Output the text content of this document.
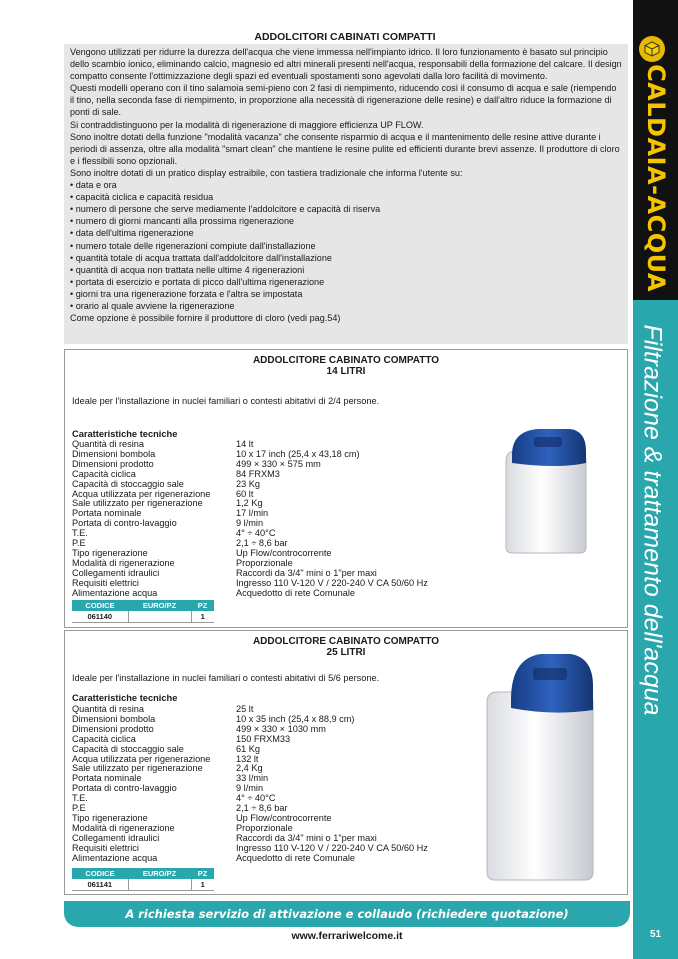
CALDAIA-ACQUA
Filtrazione & trattamento dell'acqua
51
ADDOLCITORI CABINATI COMPATTI

Vengono utilizzati per ridurre la durezza dell'acqua che viene immessa nell'impianto idrico. Il loro funzionamento è basato sul principio dello scambio ionico, eliminando calcio, magnesio ed altri minerali presenti nell'acqua, responsabili della formazione del calcare. Il design compatto consente l'ottimizzazione degli spazi ed eventuali spostamenti sono agevolati dalla loro facilità di movimento.

Questi modelli operano con il tino salamoia semi-pieno con 2 fasi di riempimento, riducendo così il consumo di acqua e sale (riempendo il tino, nella seconda fase di riempimento, in proporzione alla necessità di rigenerazione delle resine) e dall'altro riduce la formazione di ponti di sale.

Si contraddistinguono per la modalità di rigenerazione di maggiore efficienza UP FLOW.

Sono inoltre dotati della funzione "modalità vacanza" che consente risparmio di acqua e il mantenimento delle resine attive durante i periodi di assenza, oltre alla modalità "smart clean" che mantiene le resine pulite ed efficienti durante brevi assenze. Il produttore di cloro e i flessibili sono opzionali.

Sono inoltre dotati di un pratico display estraibile, con tastiera tradizionale che informa l'utente su:

• data e ora
• capacità ciclica e capacità residua
• numero di persone che serve mediamente l'addolcitore e capacità di riserva
• numero di giorni mancanti alla prossima rigenerazione
• data dell'ultima rigenerazione
• numero totale delle rigenerazioni compiute dall'installazione
• quantità totale di acqua trattata dall'addolcitore dall'installazione
• quantità di acqua non trattata nelle ultime 4 rigenerazioni
• portata di esercizio e portata di picco dall'ultima rigenerazione
• giorni tra una rigenerazione forzata e l'altra se impostata
• orario al quale avviene la rigenerazione

Come opzione è possibile fornire il produttore di cloro (vedi pag.54)

ADDOLCITORE CABINATO COMPATTO
14 LITRI
Ideale per l'installazione in nuclei familiari o contesti abitativi di 2/4 persone.
Caratteristiche tecniche
Quantità di resina	14 lt
Dimensioni bombola	10 x 17 inch (25,4 x 43,18 cm)
Dimensioni prodotto	499 × 330 × 575 mm
Capacità ciclica	84 FRXM3
Capacità di stoccaggio sale	23 Kg
Acqua utilizzata per rigenerazione	60 lt
Sale utilizzato per rigenerazione	1,2 Kg
Portata nominale	17 l/min
Portata di contro-lavaggio	9 l/min
T.E.	4° ÷ 40°C
P.E	2,1 ÷ 8,6 bar
Tipo rigenerazione	Up Flow/controcorrente
Modalità di rigenerazione	Proporzionale
Collegamenti idraulici	Raccordi da 3/4" mini o 1"per maxi
Requisiti elettrici	Ingresso 110 V-120 V / 220-240 V CA 50/60 Hz
Alimentazione acqua	Acquedotto di rete Comunale
CODICE	EURO/PZ	PZ
061140		1
ADDOLCITORE CABINATO COMPATTO
25 LITRI
Ideale per l'installazione in nuclei familiari o contesti abitativi di 5/6 persone.
Caratteristiche tecniche
Quantità di resina	25 lt
Dimensioni bombola	10 x 35 inch (25,4 x 88,9 cm)
Dimensioni prodotto	499 × 330 × 1030 mm
Capacità ciclica	150 FRXM33
Capacità di stoccaggio sale	61 Kg
Acqua utilizzata per rigenerazione	132 lt
Sale utilizzato per rigenerazione	2,4 Kg
Portata nominale	33 l/min
Portata di contro-lavaggio	9 l/min
T.E.	4° ÷ 40°C
P.E	2,1 ÷ 8,6 bar
Tipo rigenerazione	Up Flow/controcorrente
Modalità di rigenerazione	Proporzionale
Collegamenti idraulici	Raccordi da 3/4" mini o 1"per maxi
Requisiti elettrici	Ingresso 110 V-120 V / 220-240 V CA 50/60 Hz
Alimentazione acqua	Acquedotto di rete Comunale
CODICE	EURO/PZ	PZ
061141		1
A richiesta servizio di attivazione e collaudo (richiedere quotazione)
www.ferrariwelcome.it
